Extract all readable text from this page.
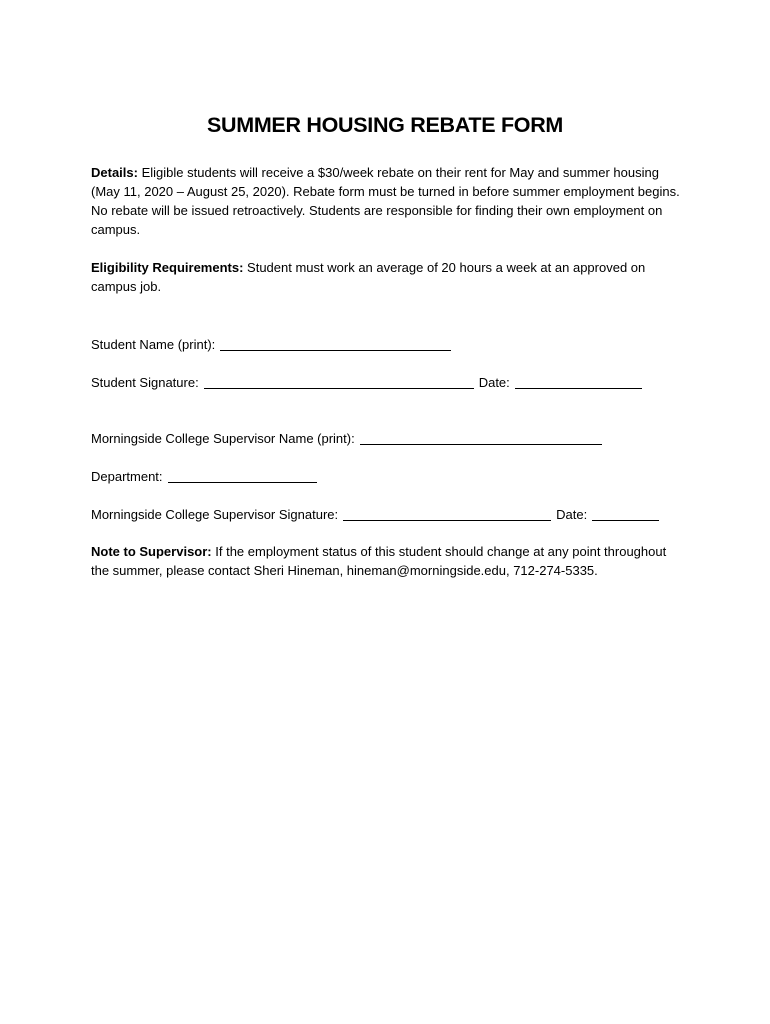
SUMMER HOUSING REBATE FORM
Details: Eligible students will receive a $30/week rebate on their rent for May and summer housing (May 11, 2020 – August 25, 2020). Rebate form must be turned in before summer employment begins. No rebate will be issued retroactively. Students are responsible for finding their own employment on campus.
Eligibility Requirements: Student must work an average of 20 hours a week at an approved on campus job.
Student Name (print):
Student Signature:	Date:
Morningside College Supervisor Name (print):
Department:
Morningside College Supervisor Signature:	Date:
Note to Supervisor: If the employment status of this student should change at any point throughout the summer, please contact Sheri Hineman, hineman@morningside.edu, 712-274-5335.
